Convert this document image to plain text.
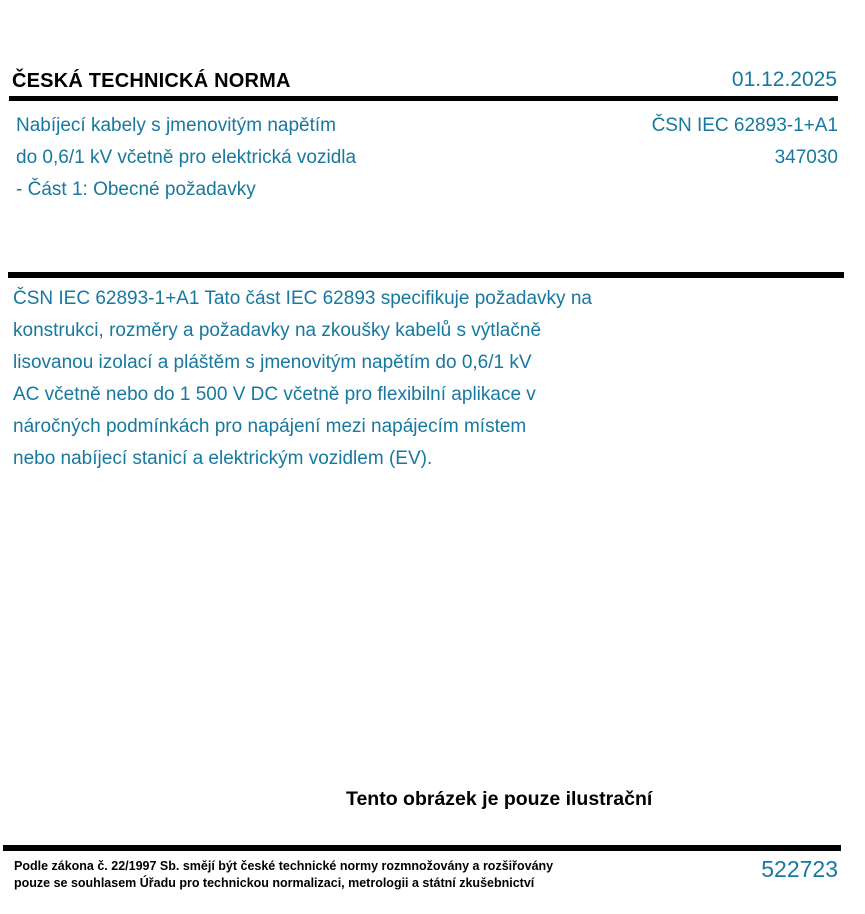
ČESKÁ TECHNICKÁ NORMA	01.12.2025
Nabíjecí kabely s jmenovitým napětím
do 0,6/1 kV včetně pro elektrická vozidla
- Část 1: Obecné požadavky
ČSN IEC 62893-1+A1
347030
ČSN IEC 62893-1+A1 Tato část IEC 62893 specifikuje požadavky na
konstrukci, rozměry a požadavky na zkoušky kabelů s výtlačně
lisovanou izolací a pláštěm s jmenovitým napětím do 0,6/1 kV
AC včetně nebo do 1 500 V DC včetně pro flexibilní aplikace v
náročných podmínkách pro napájení mezi napájecím místem
nebo nabíjecí stanicí a elektrickým vozidlem (EV).
Tento obrázek je pouze ilustrační
Podle zákona č. 22/1997 Sb. smějí být české technické normy rozmnožovány a rozšiřovány
pouze se souhlasem Úřadu pro technickou normalizaci, metrologii a státní zkušebnictví
522723
